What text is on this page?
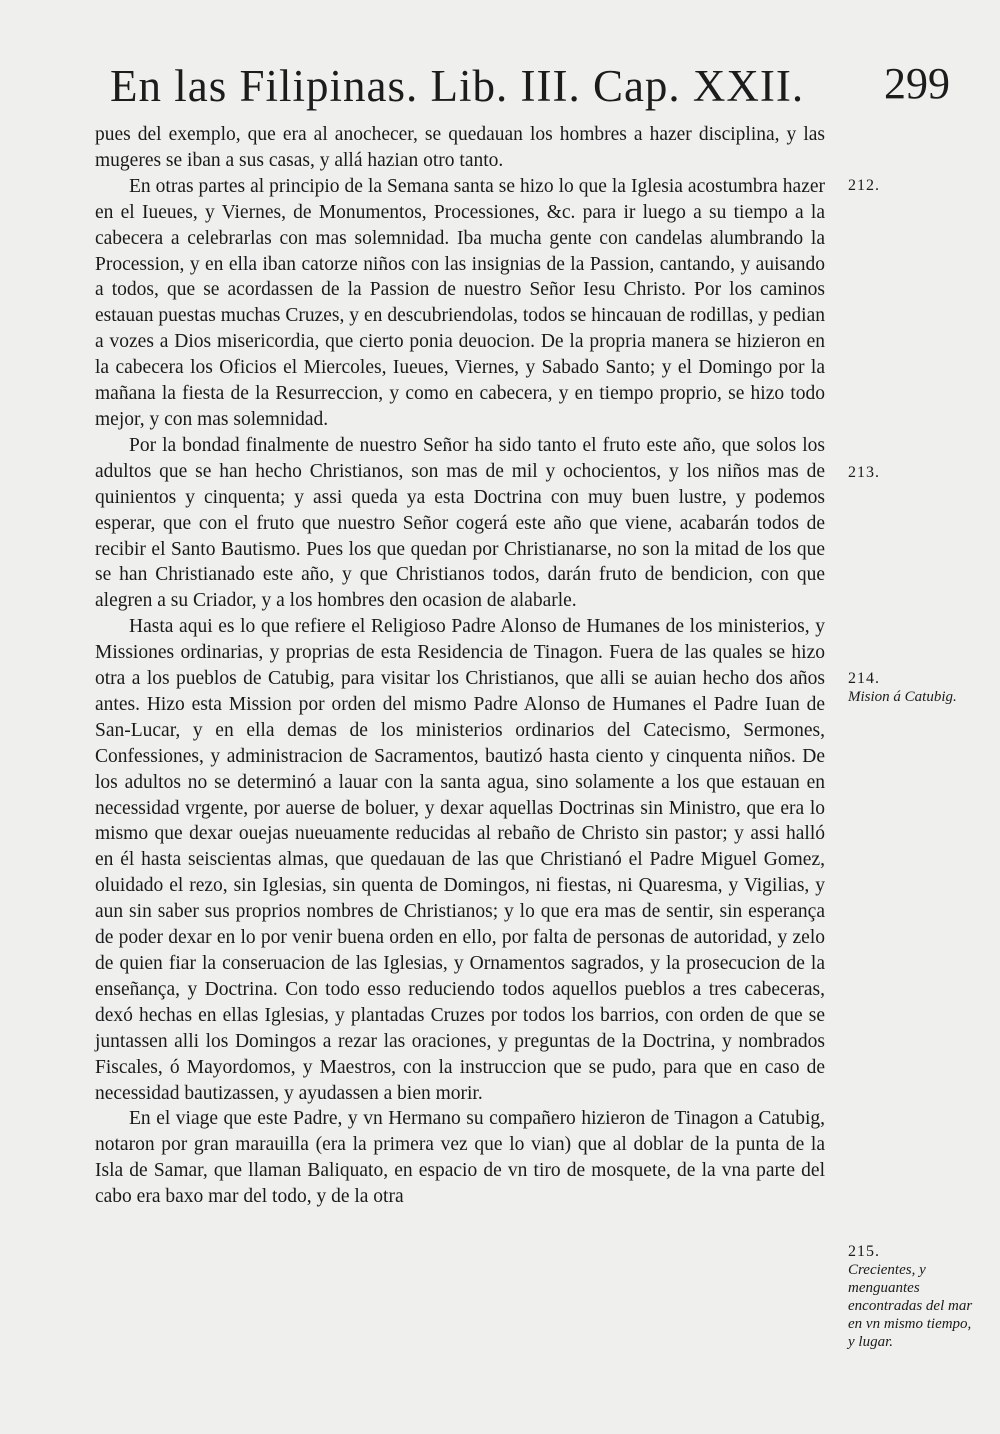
En las Filipinas. Lib. III. Cap. XXII. 299

pues del exemplo, que era al anochecer, se quedauan los hombres a hazer disciplina, y las mugeres se iban a sus casas, y allá hazian otro tanto.

En otras partes al principio de la Semana santa se hizo lo que la Iglesia acostumbra hazer en el Iueues, y Viernes, de Monumentos, Processiones, &c. para ir luego a su tiempo a la cabecera a celebrarlas con mas solemnidad. Iba mucha gente con candelas alumbrando la Procession, y en ella iban catorze niños con las insignias de la Passion, cantando, y auisando a todos, que se acordassen de la Passion de nuestro Señor Iesu Christo. Por los caminos estauan puestas muchas Cruzes, y en descubriendolas, todos se hincauan de rodillas, y pedian a vozes a Dios misericordia, que cierto ponia deuocion. De la propria manera se hizieron en la cabecera los Oficios el Miercoles, Iueues, Viernes, y Sabado Santo; y el Domingo por la mañana la fiesta de la Resurreccion, y como en cabecera, y en tiempo proprio, se hizo todo mejor, y con mas solemnidad.

Por la bondad finalmente de nuestro Señor ha sido tanto el fruto este año, que solos los adultos que se han hecho Christianos, son mas de mil y ochocientos, y los niños mas de quinientos y cinquenta; y assi queda ya esta Doctrina con muy buen lustre, y podemos esperar, que con el fruto que nuestro Señor cogerá este año que viene, acabarán todos de recibir el Santo Bautismo. Pues los que quedan por Christianarse, no son la mitad de los que se han Christianado este año, y que Christianos todos, darán fruto de bendicion, con que alegren a su Criador, y a los hombres den ocasion de alabarle.

Hasta aqui es lo que refiere el Religioso Padre Alonso de Humanes de los ministerios, y Missiones ordinarias, y proprias de esta Residencia de Tinagon. Fuera de las quales se hizo otra a los pueblos de Catubig, para visitar los Christianos, que alli se auian hecho dos años antes. Hizo esta Mission por orden del mismo Padre Alonso de Humanes el Padre Iuan de San-Lucar, y en ella demas de los ministerios ordinarios del Catecismo, Sermones, Confessiones, y administracion de Sacramentos, bautizó hasta ciento y cinquenta niños. De los adultos no se determinó a lauar con la santa agua, sino solamente a los que estauan en necessidad vrgente, por auerse de boluer, y dexar aquellas Doctrinas sin Ministro, que era lo mismo que dexar ouejas nueuamente reducidas al rebaño de Christo sin pastor; y assi halló en él hasta seiscientas almas, que quedauan de las que Christianó el Padre Miguel Gomez, oluidado el rezo, sin Iglesias, sin quenta de Domingos, ni fiestas, ni Quaresma, y Vigilias, y aun sin saber sus proprios nombres de Christianos; y lo que era mas de sentir, sin esperança de poder dexar en lo por venir buena orden en ello, por falta de personas de autoridad, y zelo de quien fiar la conseruacion de las Iglesias, y Ornamentos sagrados, y la prosecucion de la enseñança, y Doctrina. Con todo esso reduciendo todos aquellos pueblos a tres cabeceras, dexó hechas en ellas Iglesias, y plantadas Cruzes por todos los barrios, con orden de que se juntassen alli los Domingos a rezar las oraciones, y preguntas de la Doctrina, y nombrados Fiscales, ó Mayordomos, y Maestros, con la instruccion que se pudo, para que en caso de necessidad bautizassen, y ayudassen a bien morir.

En el viage que este Padre, y vn Hermano su compañero hizieron de Tinagon a Catubig, notaron por gran marauilla (era la primera vez que lo vian) que al doblar de la punta de la Isla de Samar, que llaman Baliquato, en espacio de vn tiro de mosquete, de la vna parte del cabo era baxo mar del todo, y de la otra

212.
213.
214.
Mision á Catubig.
215.
Crecientes, y menguantes encontradas del mar en vn mismo tiempo, y lugar.
